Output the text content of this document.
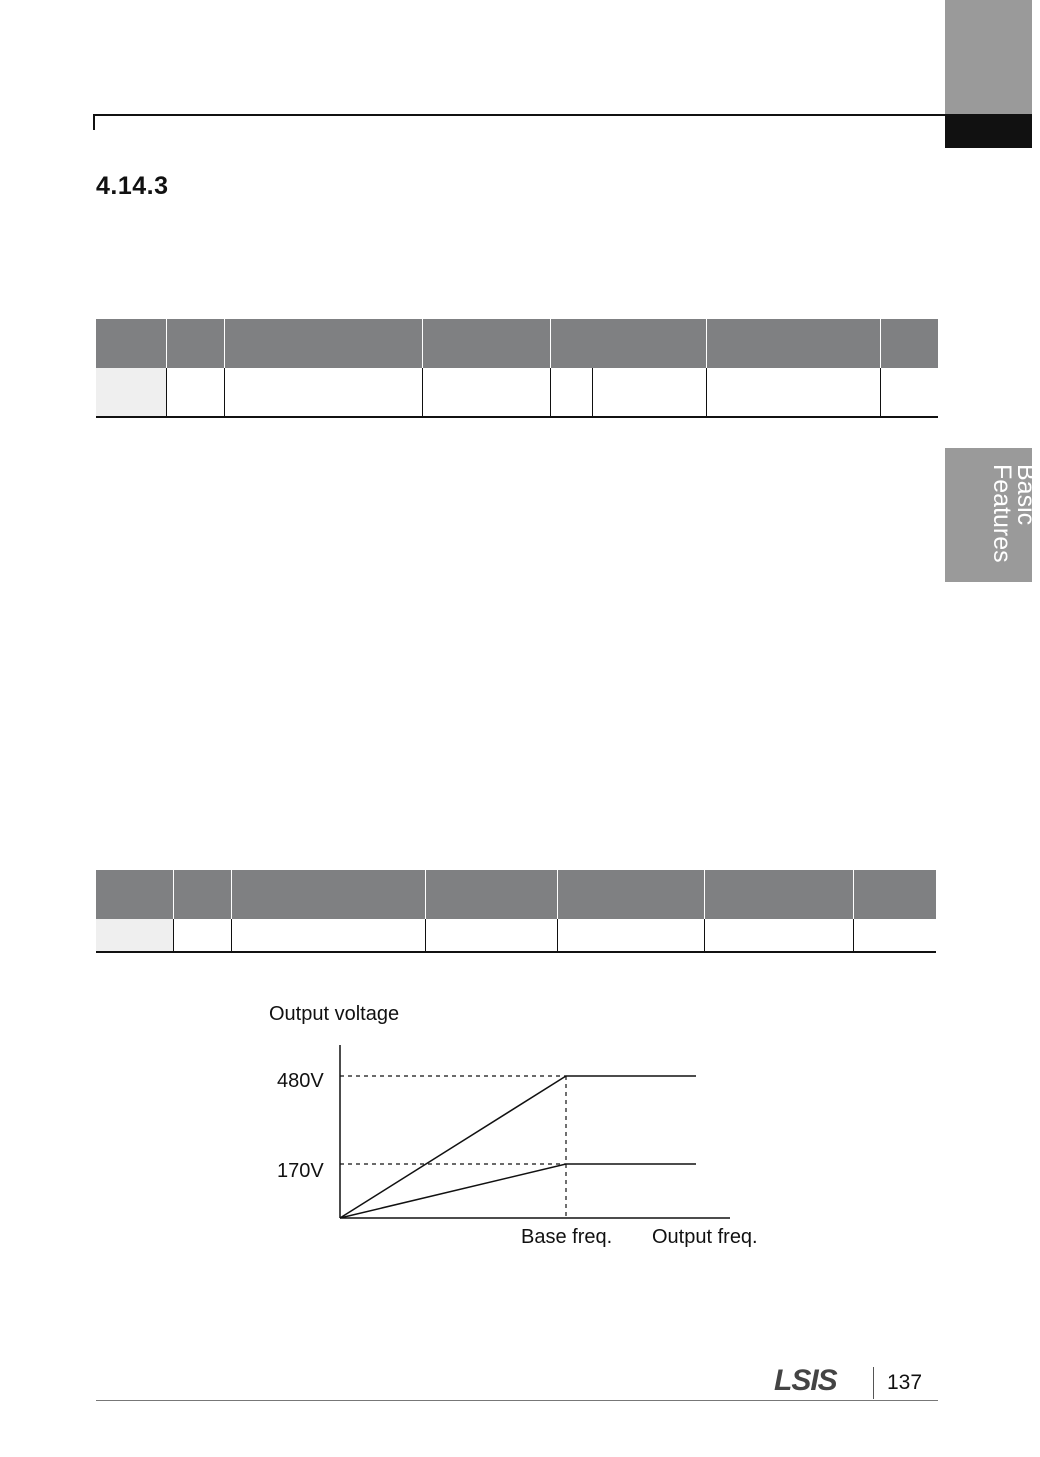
4.14.3
Basic
Features

Output voltage
480V
170V
Base freq. Output freq.
LSIS 137
